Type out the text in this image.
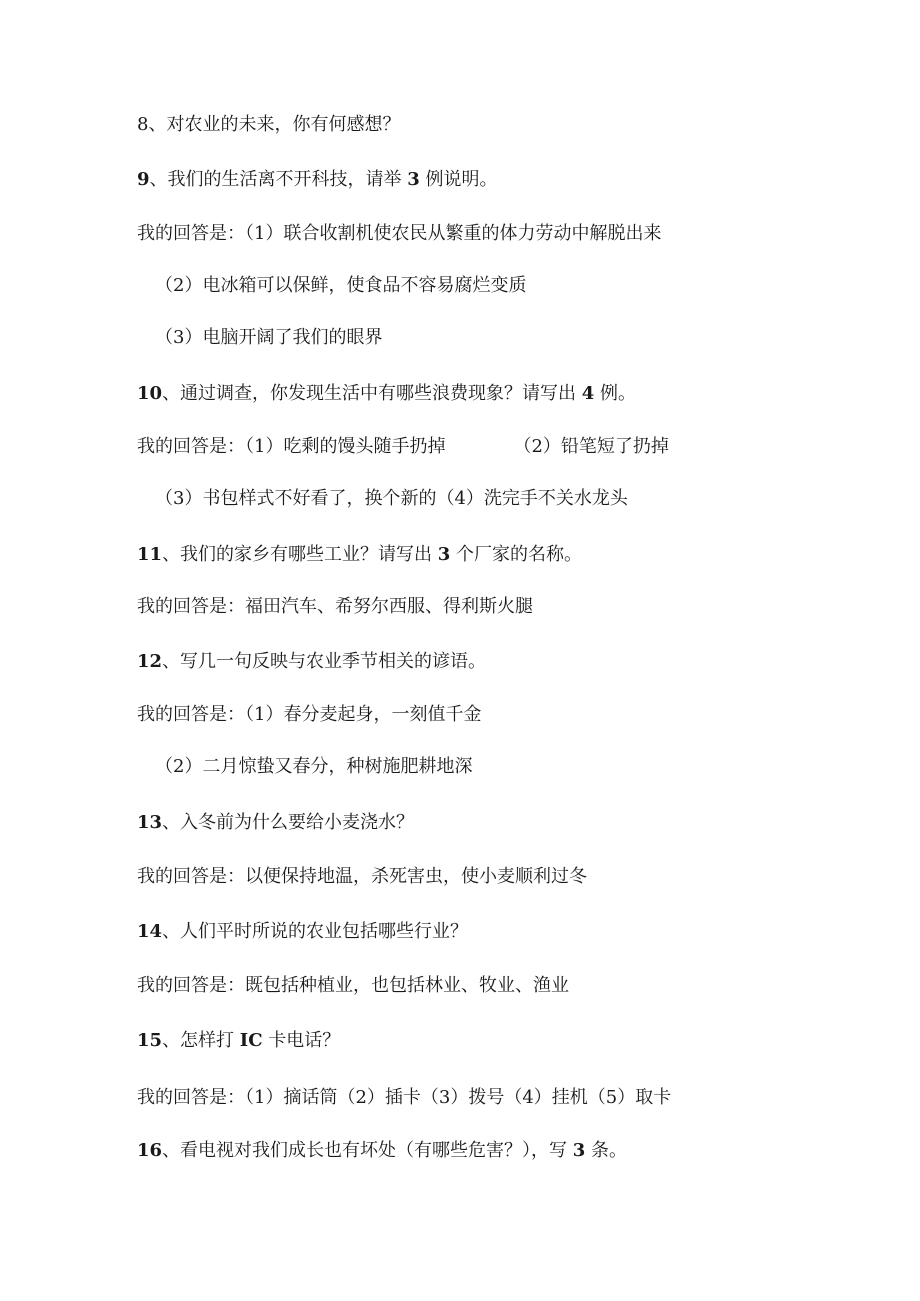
8、对农业的未来，你有何感想？
9、我们的生活离不开科技，请举 3 例说明。
我的回答是：（1）联合收割机使农民从繁重的体力劳动中解脱出来
（2）电冰箱可以保鲜，使食品不容易腐烂变质
（3）电脑开阔了我们的眼界
10、通过调查，你发现生活中有哪些浪费现象？请写出 4 例。
我的回答是：（1）吃剩的馒头随手扔掉	（2）铅笔短了扔掉
（3）书包样式不好看了，换个新的（4）洗完手不关水龙头
11、我们的家乡有哪些工业？请写出 3 个厂家的名称。
我的回答是：福田汽车、希努尔西服、得利斯火腿
12、写几一句反映与农业季节相关的谚语。
我的回答是：（1）春分麦起身，一刻值千金
（2）二月惊蛰又春分，种树施肥耕地深
13、入冬前为什么要给小麦浇水？
我的回答是：以便保持地温，杀死害虫，使小麦顺利过冬
14、人们平时所说的农业包括哪些行业？
我的回答是：既包括种植业，也包括林业、牧业、渔业
15、怎样打 IC 卡电话？
我的回答是：（1）摘话筒（2）插卡（3）拨号（4）挂机（5）取卡
16、看电视对我们成长也有坏处（有哪些危害？），写 3 条。
